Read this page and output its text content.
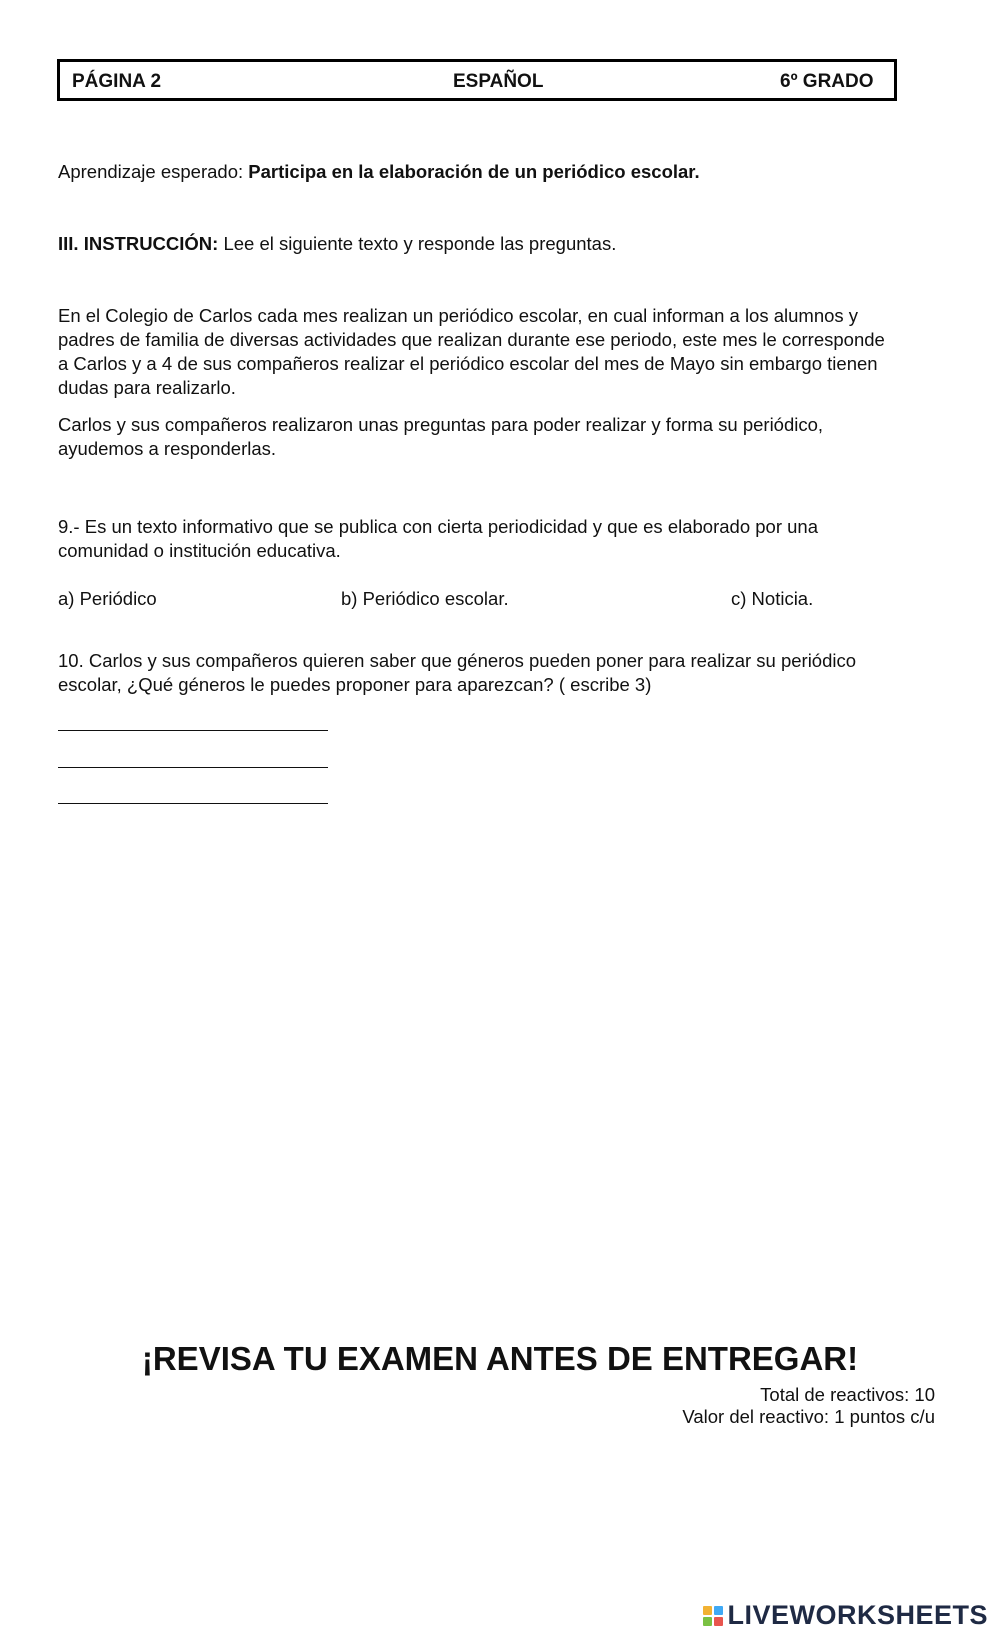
PÁGINA 2	ESPAÑOL	6º GRADO
Aprendizaje esperado: Participa en la elaboración de un periódico escolar.
III. INSTRUCCIÓN: Lee el siguiente texto y responde las preguntas.

En el Colegio de Carlos cada mes realizan un periódico escolar, en cual informan a los alumnos y

padres de familia de diversas actividades que realizan durante ese periodo, este mes le corresponde

a Carlos y a 4 de sus compañeros realizar el periódico escolar del mes de Mayo sin embargo tienen

dudas para realizarlo.

Carlos y sus compañeros realizaron unas preguntas para poder realizar y forma su periódico,

ayudemos a responderlas.

9.- Es un texto informativo que se publica con cierta periodicidad y que es elaborado por una

comunidad o institución educativa.

a) Periódico	b) Periódico escolar.	c) Noticia.

10. Carlos y sus compañeros quieren saber que géneros pueden poner para realizar su periódico

escolar, ¿Qué géneros le puedes proponer para aparezcan? ( escribe 3)

¡REVISA TU EXAMEN ANTES DE ENTREGAR!
Total de reactivos: 10
Valor del reactivo: 1 puntos c/u
LIVEWORKSHEETS
